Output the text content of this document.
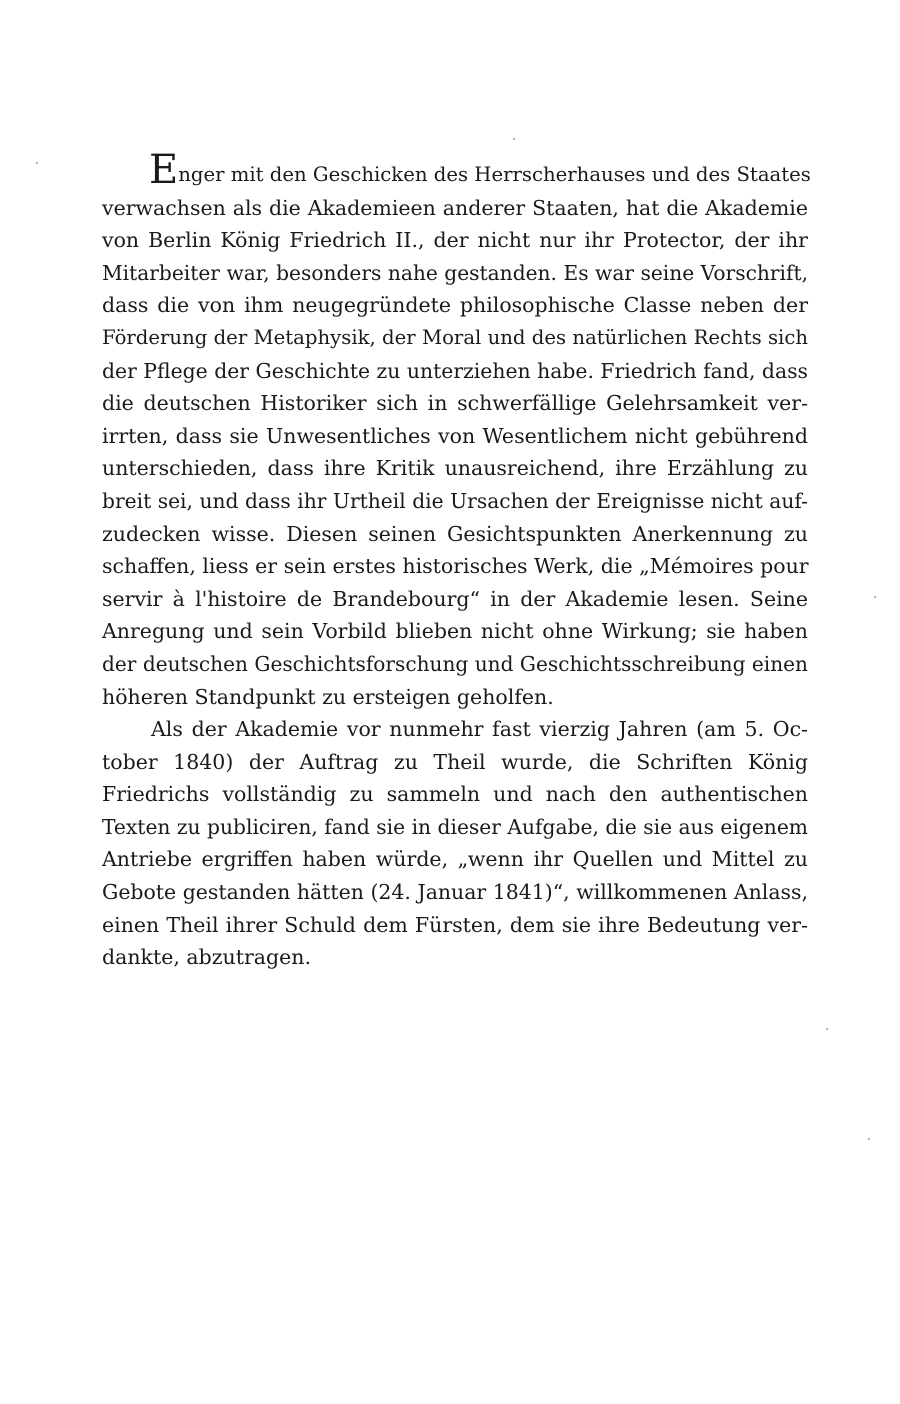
Enger mit den Geschicken des Herrscherhauses und des Staates
verwachsen als die Akademieen anderer Staaten, hat die Akademie
von Berlin König Friedrich II., der nicht nur ihr Protector, der ihr
Mitarbeiter war, besonders nahe gestanden. Es war seine Vorschrift,
dass die von ihm neugegründete philosophische Classe neben der
Förderung der Metaphysik, der Moral und des natürlichen Rechts sich
der Pflege der Geschichte zu unterziehen habe. Friedrich fand, dass
die deutschen Historiker sich in schwerfällige Gelehrsamkeit ver-
irrten, dass sie Unwesentliches von Wesentlichem nicht gebührend
unterschieden, dass ihre Kritik unausreichend, ihre Erzählung zu
breit sei, und dass ihr Urtheil die Ursachen der Ereignisse nicht auf-
zudecken wisse. Diesen seinen Gesichtspunkten Anerkennung zu
schaffen, liess er sein erstes historisches Werk, die „Mémoires pour
servir à l'histoire de Brandebourg“ in der Akademie lesen. Seine
Anregung und sein Vorbild blieben nicht ohne Wirkung; sie haben
der deutschen Geschichtsforschung und Geschichtsschreibung einen
höheren Standpunkt zu ersteigen geholfen.
Als der Akademie vor nunmehr fast vierzig Jahren (am 5. Oc-
tober 1840) der Auftrag zu Theil wurde, die Schriften König
Friedrichs vollständig zu sammeln und nach den authentischen
Texten zu publiciren, fand sie in dieser Aufgabe, die sie aus eigenem
Antriebe ergriffen haben würde, „wenn ihr Quellen und Mittel zu
Gebote gestanden hätten (24. Januar 1841)“, willkommenen Anlass,
einen Theil ihrer Schuld dem Fürsten, dem sie ihre Bedeutung ver-
dankte, abzutragen.
